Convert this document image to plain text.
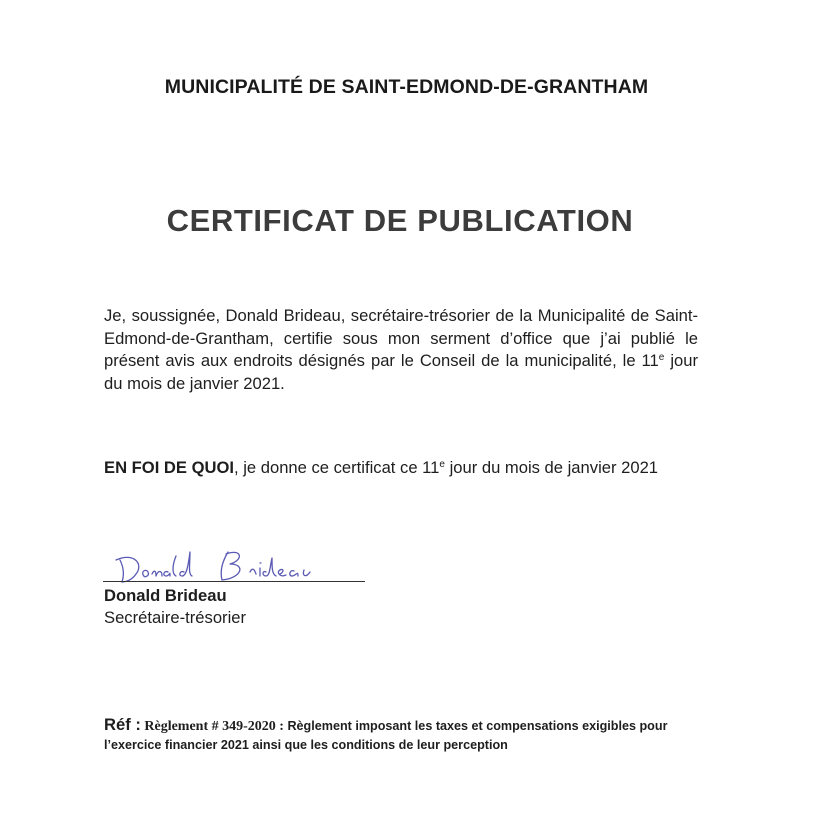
MUNICIPALITÉ DE SAINT-EDMOND-DE-GRANTHAM
CERTIFICAT DE PUBLICATION

Je, soussignée, Donald Brideau, secrétaire-trésorier de la Municipalité de Saint-Edmond-de-Grantham, certifie sous mon serment d’office que j’ai publié le présent avis aux endroits désignés par le Conseil de la municipalité, le 11e jour du mois de janvier 2021.

EN FOI DE QUOI, je donne ce certificat ce 11e jour du mois de janvier 2021

Donald Brideau
Secrétaire-trésorier
Réf : Règlement # 349-2020 : Règlement imposant les taxes et compensations exigibles pour l’exercice financier 2021 ainsi que les conditions de leur perception
